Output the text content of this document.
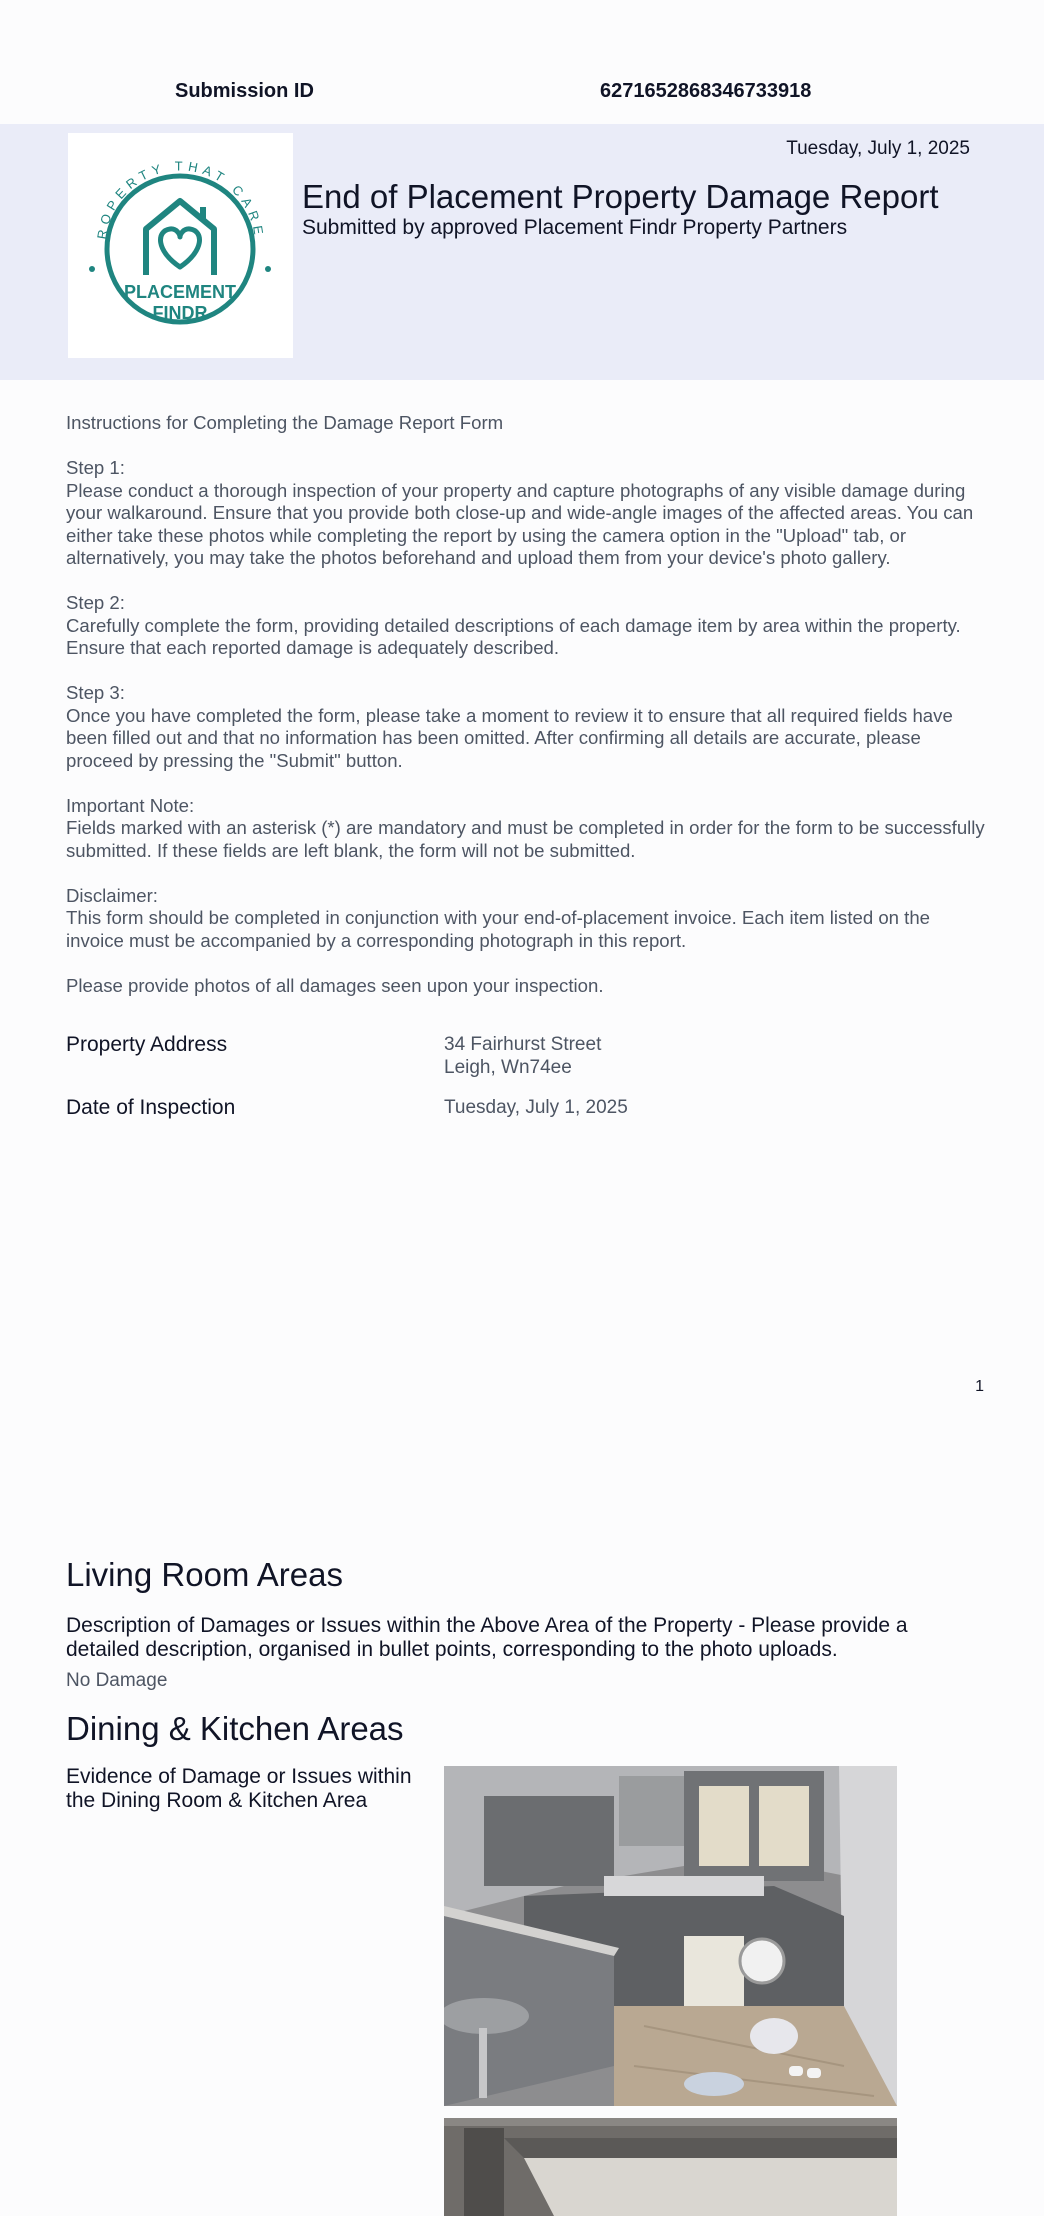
Submission ID	6271652868346733918
ROPERTY THAT CARE
PLACEMENT
FINDR
Tuesday, July 1, 2025
End of Placement Property Damage Report
Submitted by approved Placement Findr Property Partners
Instructions for Completing the Damage Report Form

Step 1:
Please conduct a thorough inspection of your property and capture photographs of any visible damage during your walkaround. Ensure that you provide both close-up and wide-angle images of the affected areas. You can either take these photos while completing the report by using the camera option in the "Upload" tab, or alternatively, you may take the photos beforehand and upload them from your device's photo gallery.

Step 2:
Carefully complete the form, providing detailed descriptions of each damage item by area within the property. Ensure that each reported damage is adequately described.

Step 3:
Once you have completed the form, please take a moment to review it to ensure that all required fields have been filled out and that no information has been omitted. After confirming all details are accurate, please proceed by pressing the "Submit" button.

Important Note:
Fields marked with an asterisk (*) are mandatory and must be completed in order for the form to be successfully submitted. If these fields are left blank, the form will not be submitted.

Disclaimer:
This form should be completed in conjunction with your end-of-placement invoice. Each item listed on the invoice must be accompanied by a corresponding photograph in this report.

Please provide photos of all damages seen upon your inspection.
Property Address	34 Fairhurst Street
Leigh, Wn74ee
Date of Inspection	Tuesday, July 1, 2025
1
Living Room Areas
Description of Damages or Issues within the Above Area of the Property - Please provide a detailed description, organised in bullet points, corresponding to the photo uploads.
No Damage
Dining & Kitchen Areas
Evidence of Damage or Issues within the Dining Room & Kitchen Area
